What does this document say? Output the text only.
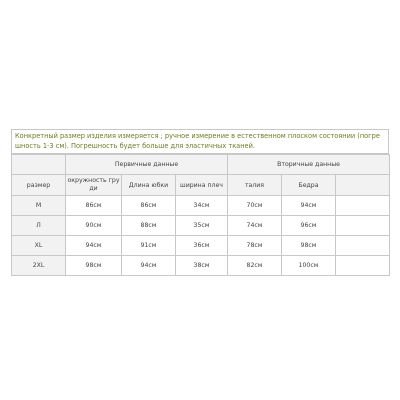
Конкретный размер изделия измеряется ; ручное измерение в естественном плоском состоянии (погрешность 1-3 см). Погрешность будет больше для эластичных тканей.
	Первичные данные			Вторичные данные		
размер	окружность груди	Длина юбки	ширина плеч	талия	Бедра	
M	86см	86см	34см	70см	94см	
Л	90см	88см	35см	74см	96см	
XL	94см	91см	36см	78см	98см	
2XL	98см	94см	38см	82см	100см	
